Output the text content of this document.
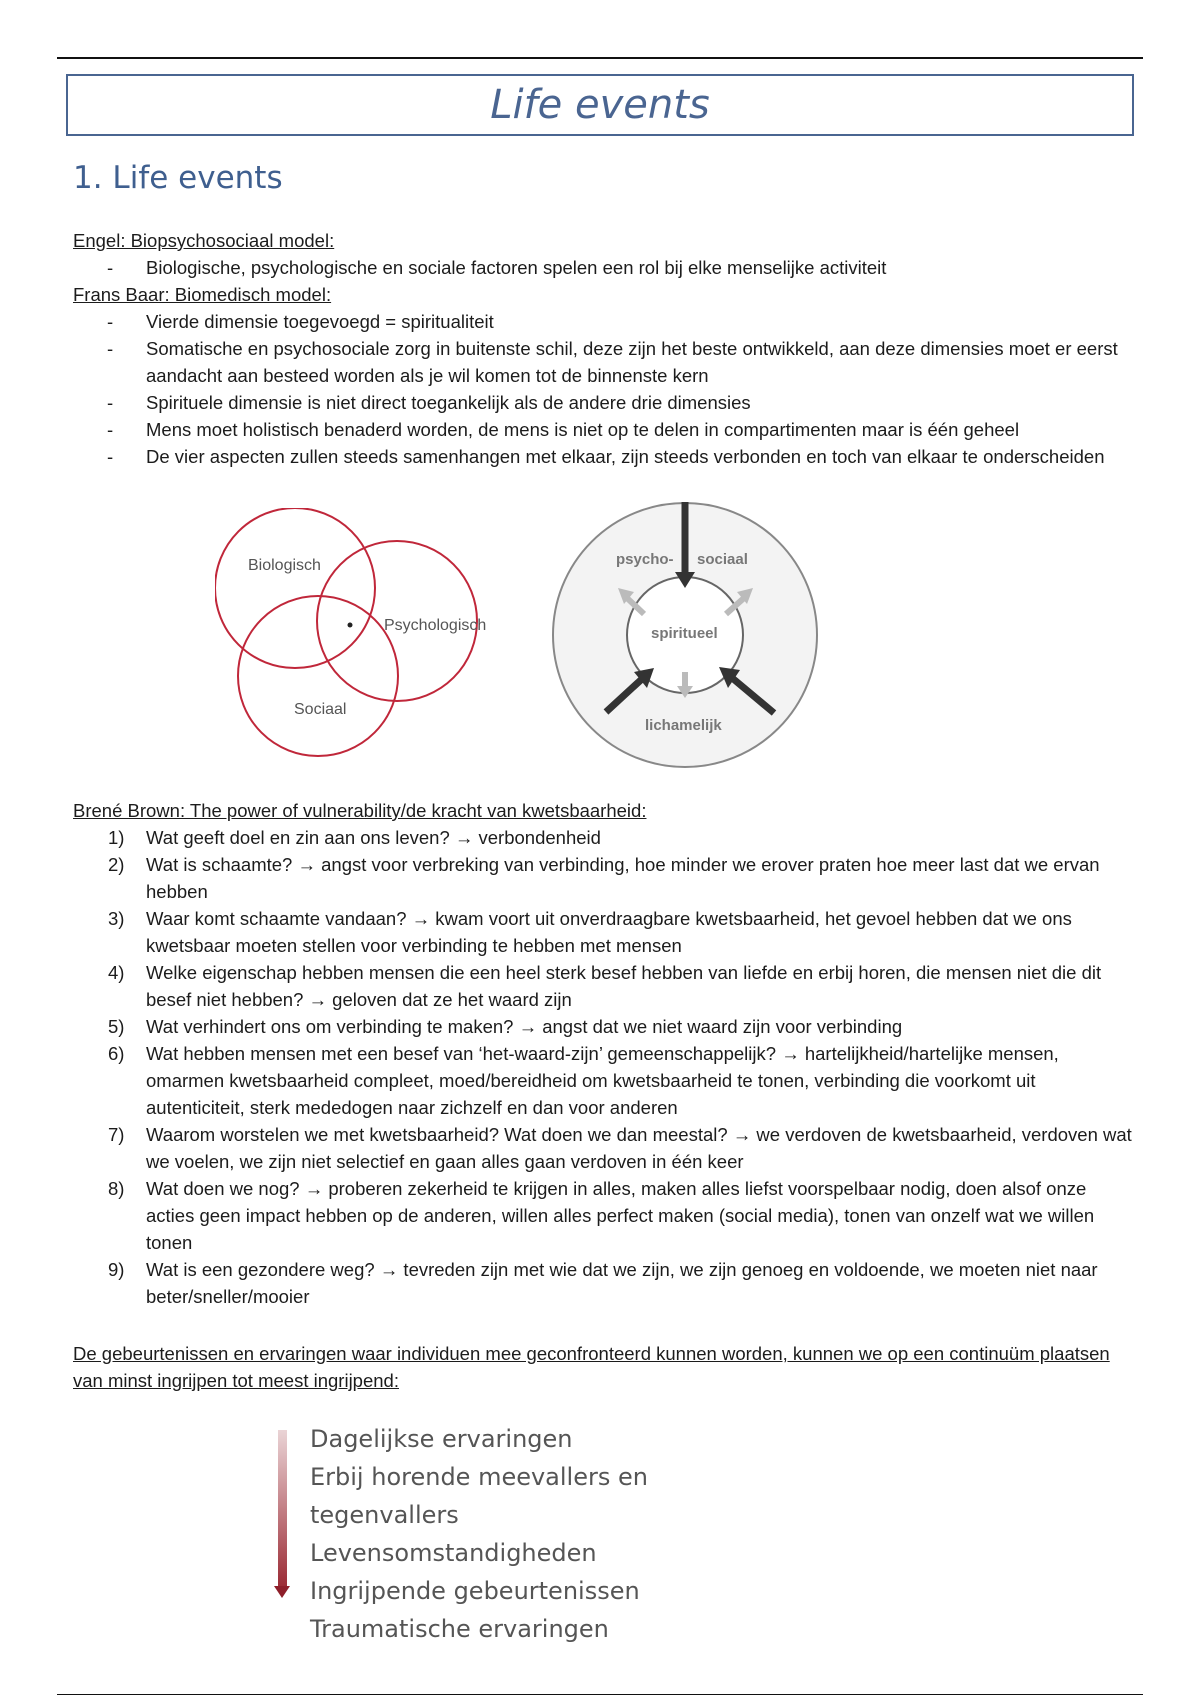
Life events
1. Life events
Engel: Biopsychosociaal model:
-	Biologische, psychologische en sociale factoren spelen een rol bij elke menselijke activiteit
Frans Baar: Biomedisch model:
-	Vierde dimensie toegevoegd = spiritualiteit
-	Somatische en psychosociale zorg in buitenste schil, deze zijn het beste ontwikkeld, aan deze dimensies moet er eerst aandacht aan besteed worden als je wil komen tot de binnenste kern
-	Spirituele dimensie is niet direct toegankelijk als de andere drie dimensies
-	Mens moet holistisch benaderd worden, de mens is niet op te delen in compartimenten maar is één geheel
-	De vier aspecten zullen steeds samenhangen met elkaar, zijn steeds verbonden en toch van elkaar te onderscheiden
Biologisch
Psychologisch
Sociaal
psycho- sociaal
spiritueel
lichamelijk
Brené Brown: The power of vulnerability/de kracht van kwetsbaarheid:
1)	Wat geeft doel en zin aan ons leven? → verbondenheid
2)	Wat is schaamte? → angst voor verbreking van verbinding, hoe minder we erover praten hoe meer last dat we ervan hebben
3)	Waar komt schaamte vandaan? → kwam voort uit onverdraagbare kwetsbaarheid, het gevoel hebben dat we ons kwetsbaar moeten stellen voor verbinding te hebben met mensen
4)	Welke eigenschap hebben mensen die een heel sterk besef hebben van liefde en erbij horen, die mensen niet die dit besef niet hebben? → geloven dat ze het waard zijn
5)	Wat verhindert ons om verbinding te maken? → angst dat we niet waard zijn voor verbinding
6)	Wat hebben mensen met een besef van ‘het-waard-zijn’ gemeenschappelijk? → hartelijkheid/hartelijke mensen, omarmen kwetsbaarheid compleet, moed/bereidheid om kwetsbaarheid te tonen, verbinding die voorkomt uit autenticiteit, sterk mededogen naar zichzelf en dan voor anderen
7)	Waarom worstelen we met kwetsbaarheid? Wat doen we dan meestal? → we verdoven de kwetsbaarheid, verdoven wat we voelen, we zijn niet selectief en gaan alles gaan verdoven in één keer
8)	Wat doen we nog? → proberen zekerheid te krijgen in alles, maken alles liefst voorspelbaar nodig, doen alsof onze acties geen impact hebben op de anderen, willen alles perfect maken (social media), tonen van onzelf wat we willen tonen
9)	Wat is een gezondere weg? → tevreden zijn met wie dat we zijn, we zijn genoeg en voldoende, we moeten niet naar beter/sneller/mooier
De gebeurtenissen en ervaringen waar individuen mee geconfronteerd kunnen worden, kunnen we op een continuüm plaatsen van minst ingrijpen tot meest ingrijpend:
Dagelijkse ervaringen
Erbij horende meevallers en tegenvallers
Levensomstandigheden
Ingrijpende gebeurtenissen
Traumatische ervaringen
